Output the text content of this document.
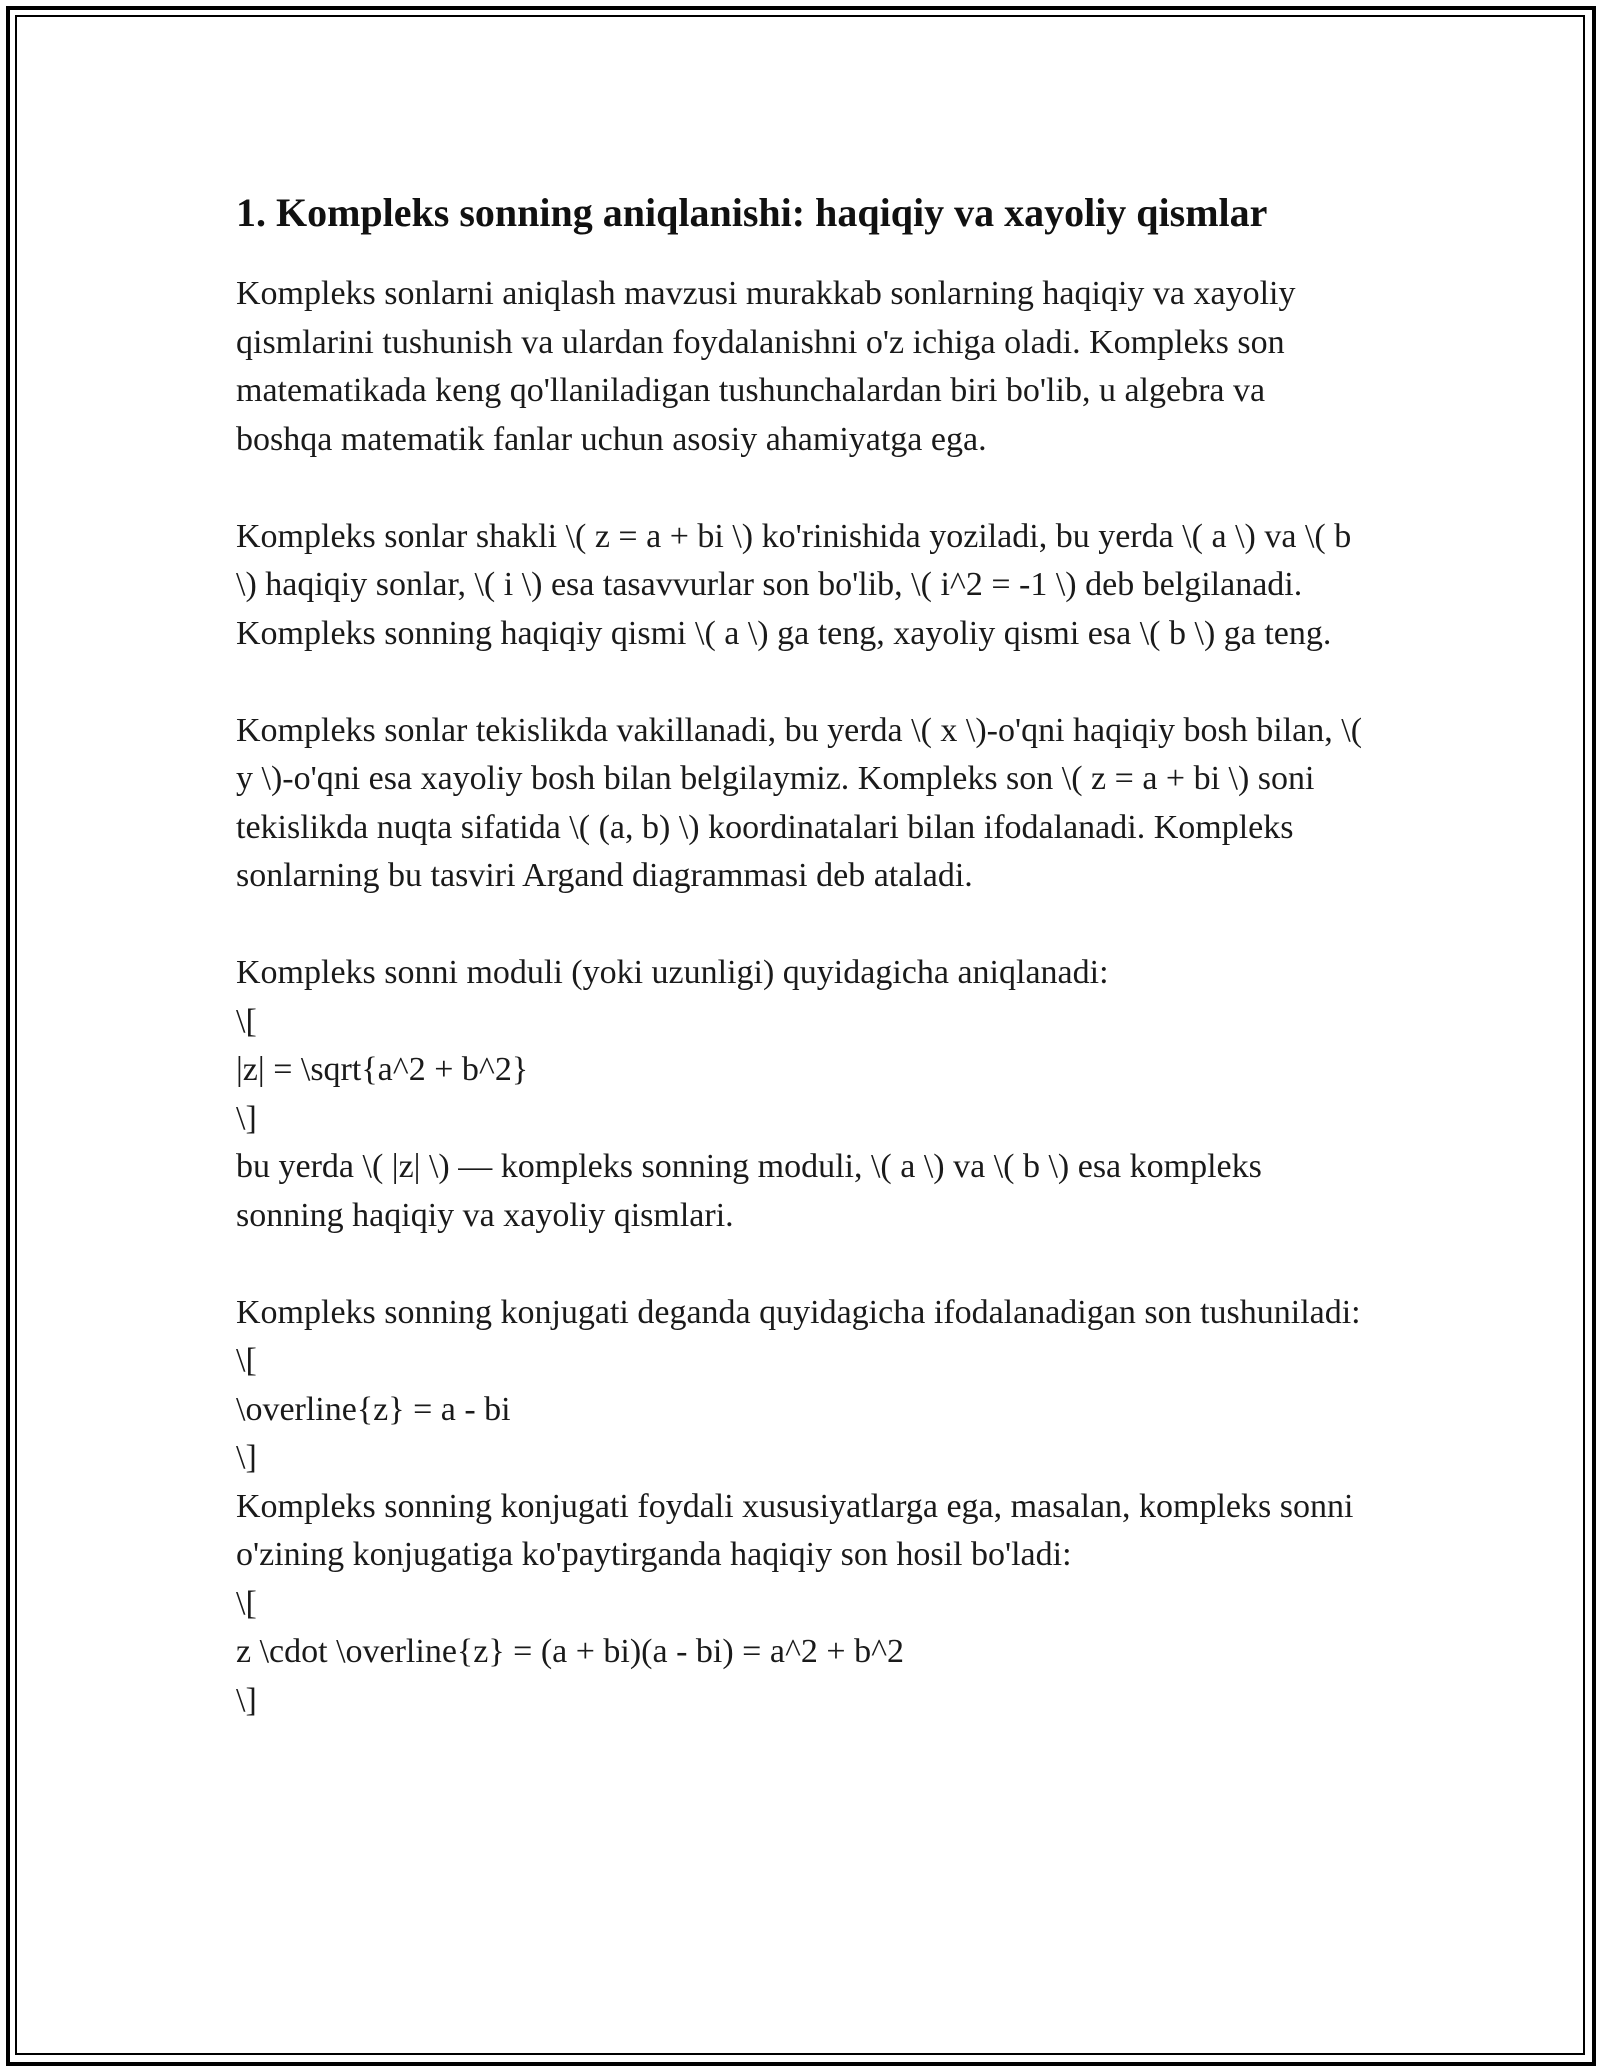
1. Kompleks sonning aniqlanishi: haqiqiy va xayoliy qismlar

Kompleks sonlarni aniqlash mavzusi murakkab sonlarning haqiqiy va xayoliy qismlarini tushunish va ulardan foydalanishni o'z ichiga oladi. Kompleks son matematikada keng qo'llaniladigan tushunchalardan biri bo'lib, u algebra va boshqa matematik fanlar uchun asosiy ahamiyatga ega.

Kompleks sonlar shakli \( z = a + bi \) ko'rinishida yoziladi, bu yerda \( a \) va \( b \) haqiqiy sonlar, \( i \) esa tasavvurlar son bo'lib, \( i^2 = -1 \) deb belgilanadi. Kompleks sonning haqiqiy qismi \( a \) ga teng, xayoliy qismi esa \( b \) ga teng.

Kompleks sonlar tekislikda vakillanadi, bu yerda \( x \)-o'qni haqiqiy bosh bilan, \( y \)-o'qni esa xayoliy bosh bilan belgilaymiz. Kompleks son \( z = a + bi \) soni tekislikda nuqta sifatida \( (a, b) \) koordinatalari bilan ifodalanadi. Kompleks sonlarning bu tasviri Argand diagrammasi deb ataladi.

Kompleks sonni moduli (yoki uzunligi) quyidagicha aniqlanadi:
\[
|z| = \sqrt{a^2 + b^2}
\]
bu yerda \( |z| \) — kompleks sonning moduli, \( a \) va \( b \) esa kompleks sonning haqiqiy va xayoliy qismlari.
Kompleks sonning konjugati deganda quyidagicha ifodalanadigan son tushuniladi:
\[
\overline{z} = a - bi
\]
Kompleks sonning konjugati foydali xususiyatlarga ega, masalan, kompleks sonni o'zining konjugatiga ko'paytirganda haqiqiy son hosil bo'ladi:
\[
z \cdot \overline{z} = (a + bi)(a - bi) = a^2 + b^2
\]
